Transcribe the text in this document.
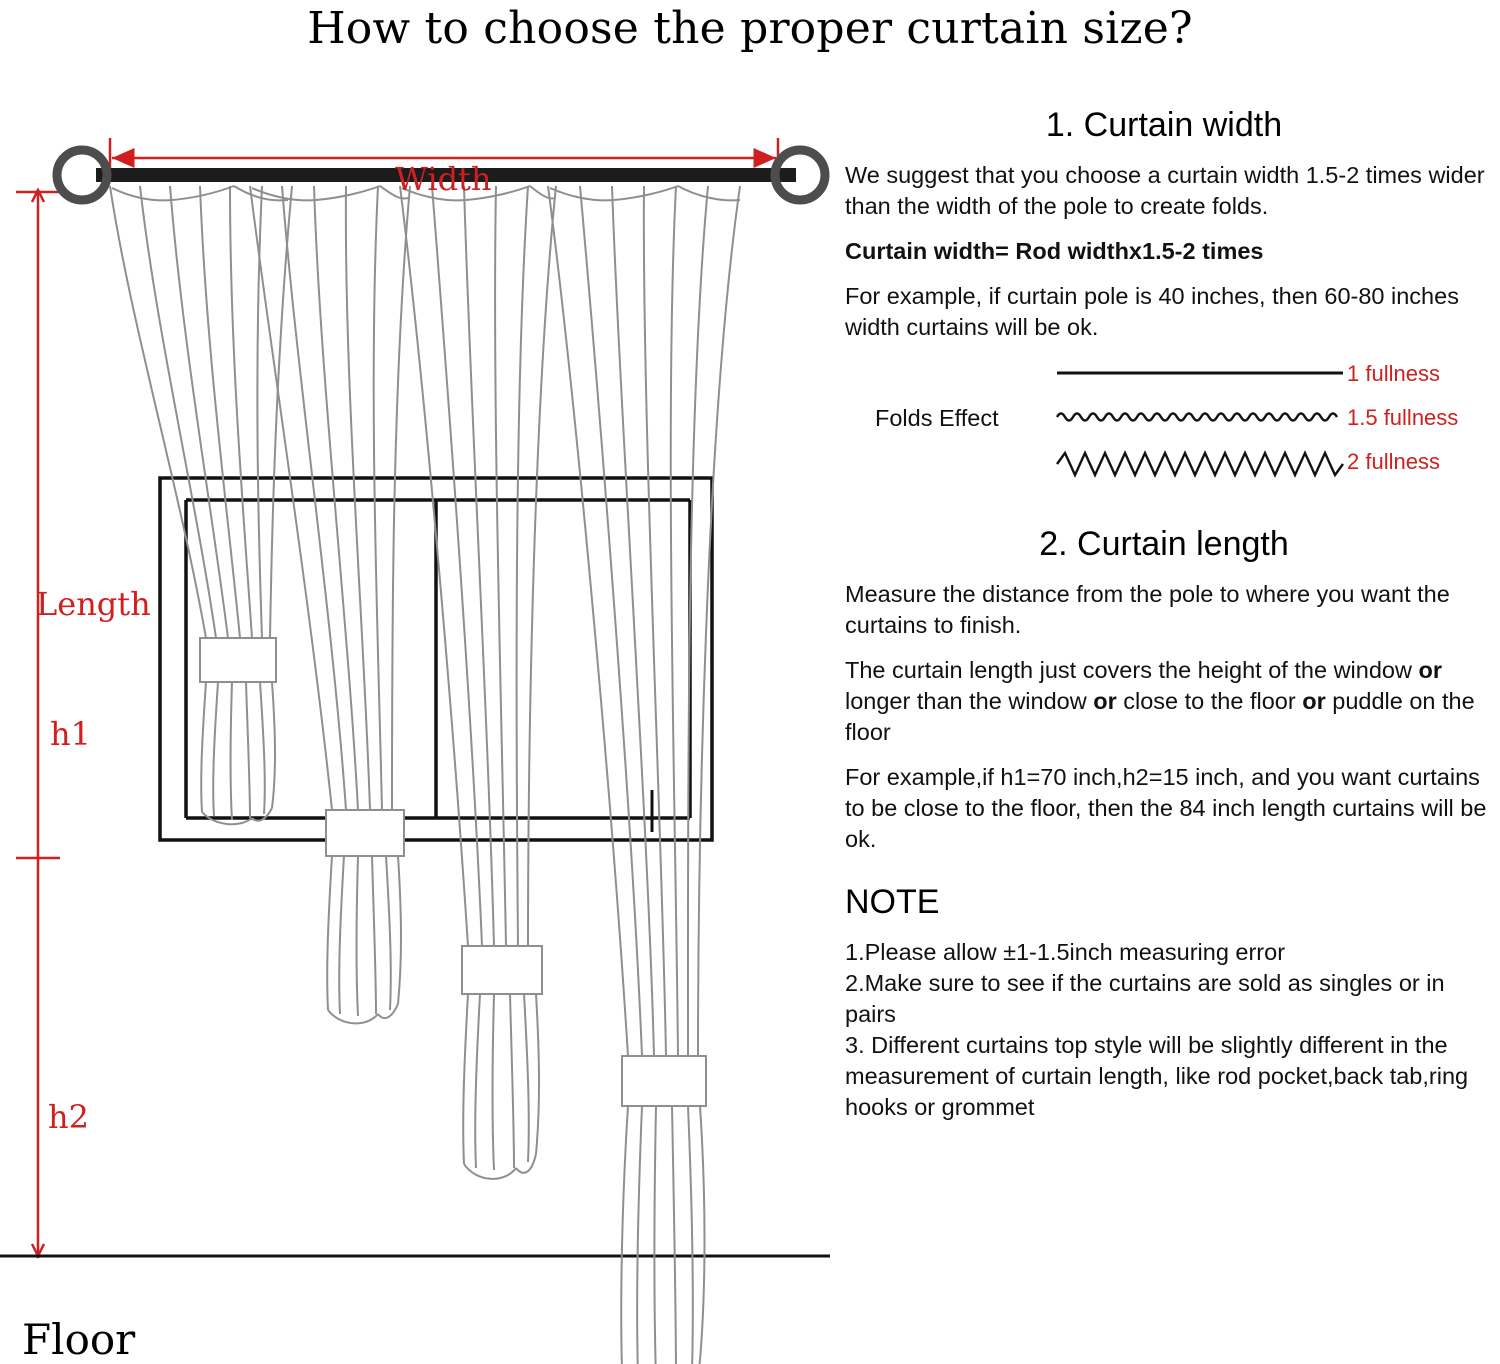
How to choose the proper curtain size?
Width
Length
h1
h2
Floor
1. Curtain width

We suggest that you choose a curtain width 1.5-2 times wider than the width of the pole to create folds.

Curtain width= Rod widthx1.5-2 times

For example, if curtain pole is 40 inches, then 60-80 inches width curtains will be ok.

Folds Effect
1 fullness
1.5 fullness
2 fullness
2. Curtain length

Measure the distance from the pole to where you want the curtains to finish.

The curtain length just covers the height of the window or longer than the window or close to the floor or puddle on the floor

For example,if h1=70 inch,h2=15 inch, and you want curtains to be close to the floor, then the 84 inch length curtains will be ok.

NOTE
1.Please allow ±1-1.5inch measuring error
2.Make sure to see if the curtains are sold as singles or in pairs
3. Different curtains top style will be slightly different in the measurement of curtain length, like rod pocket,back tab,ring hooks or grommet
